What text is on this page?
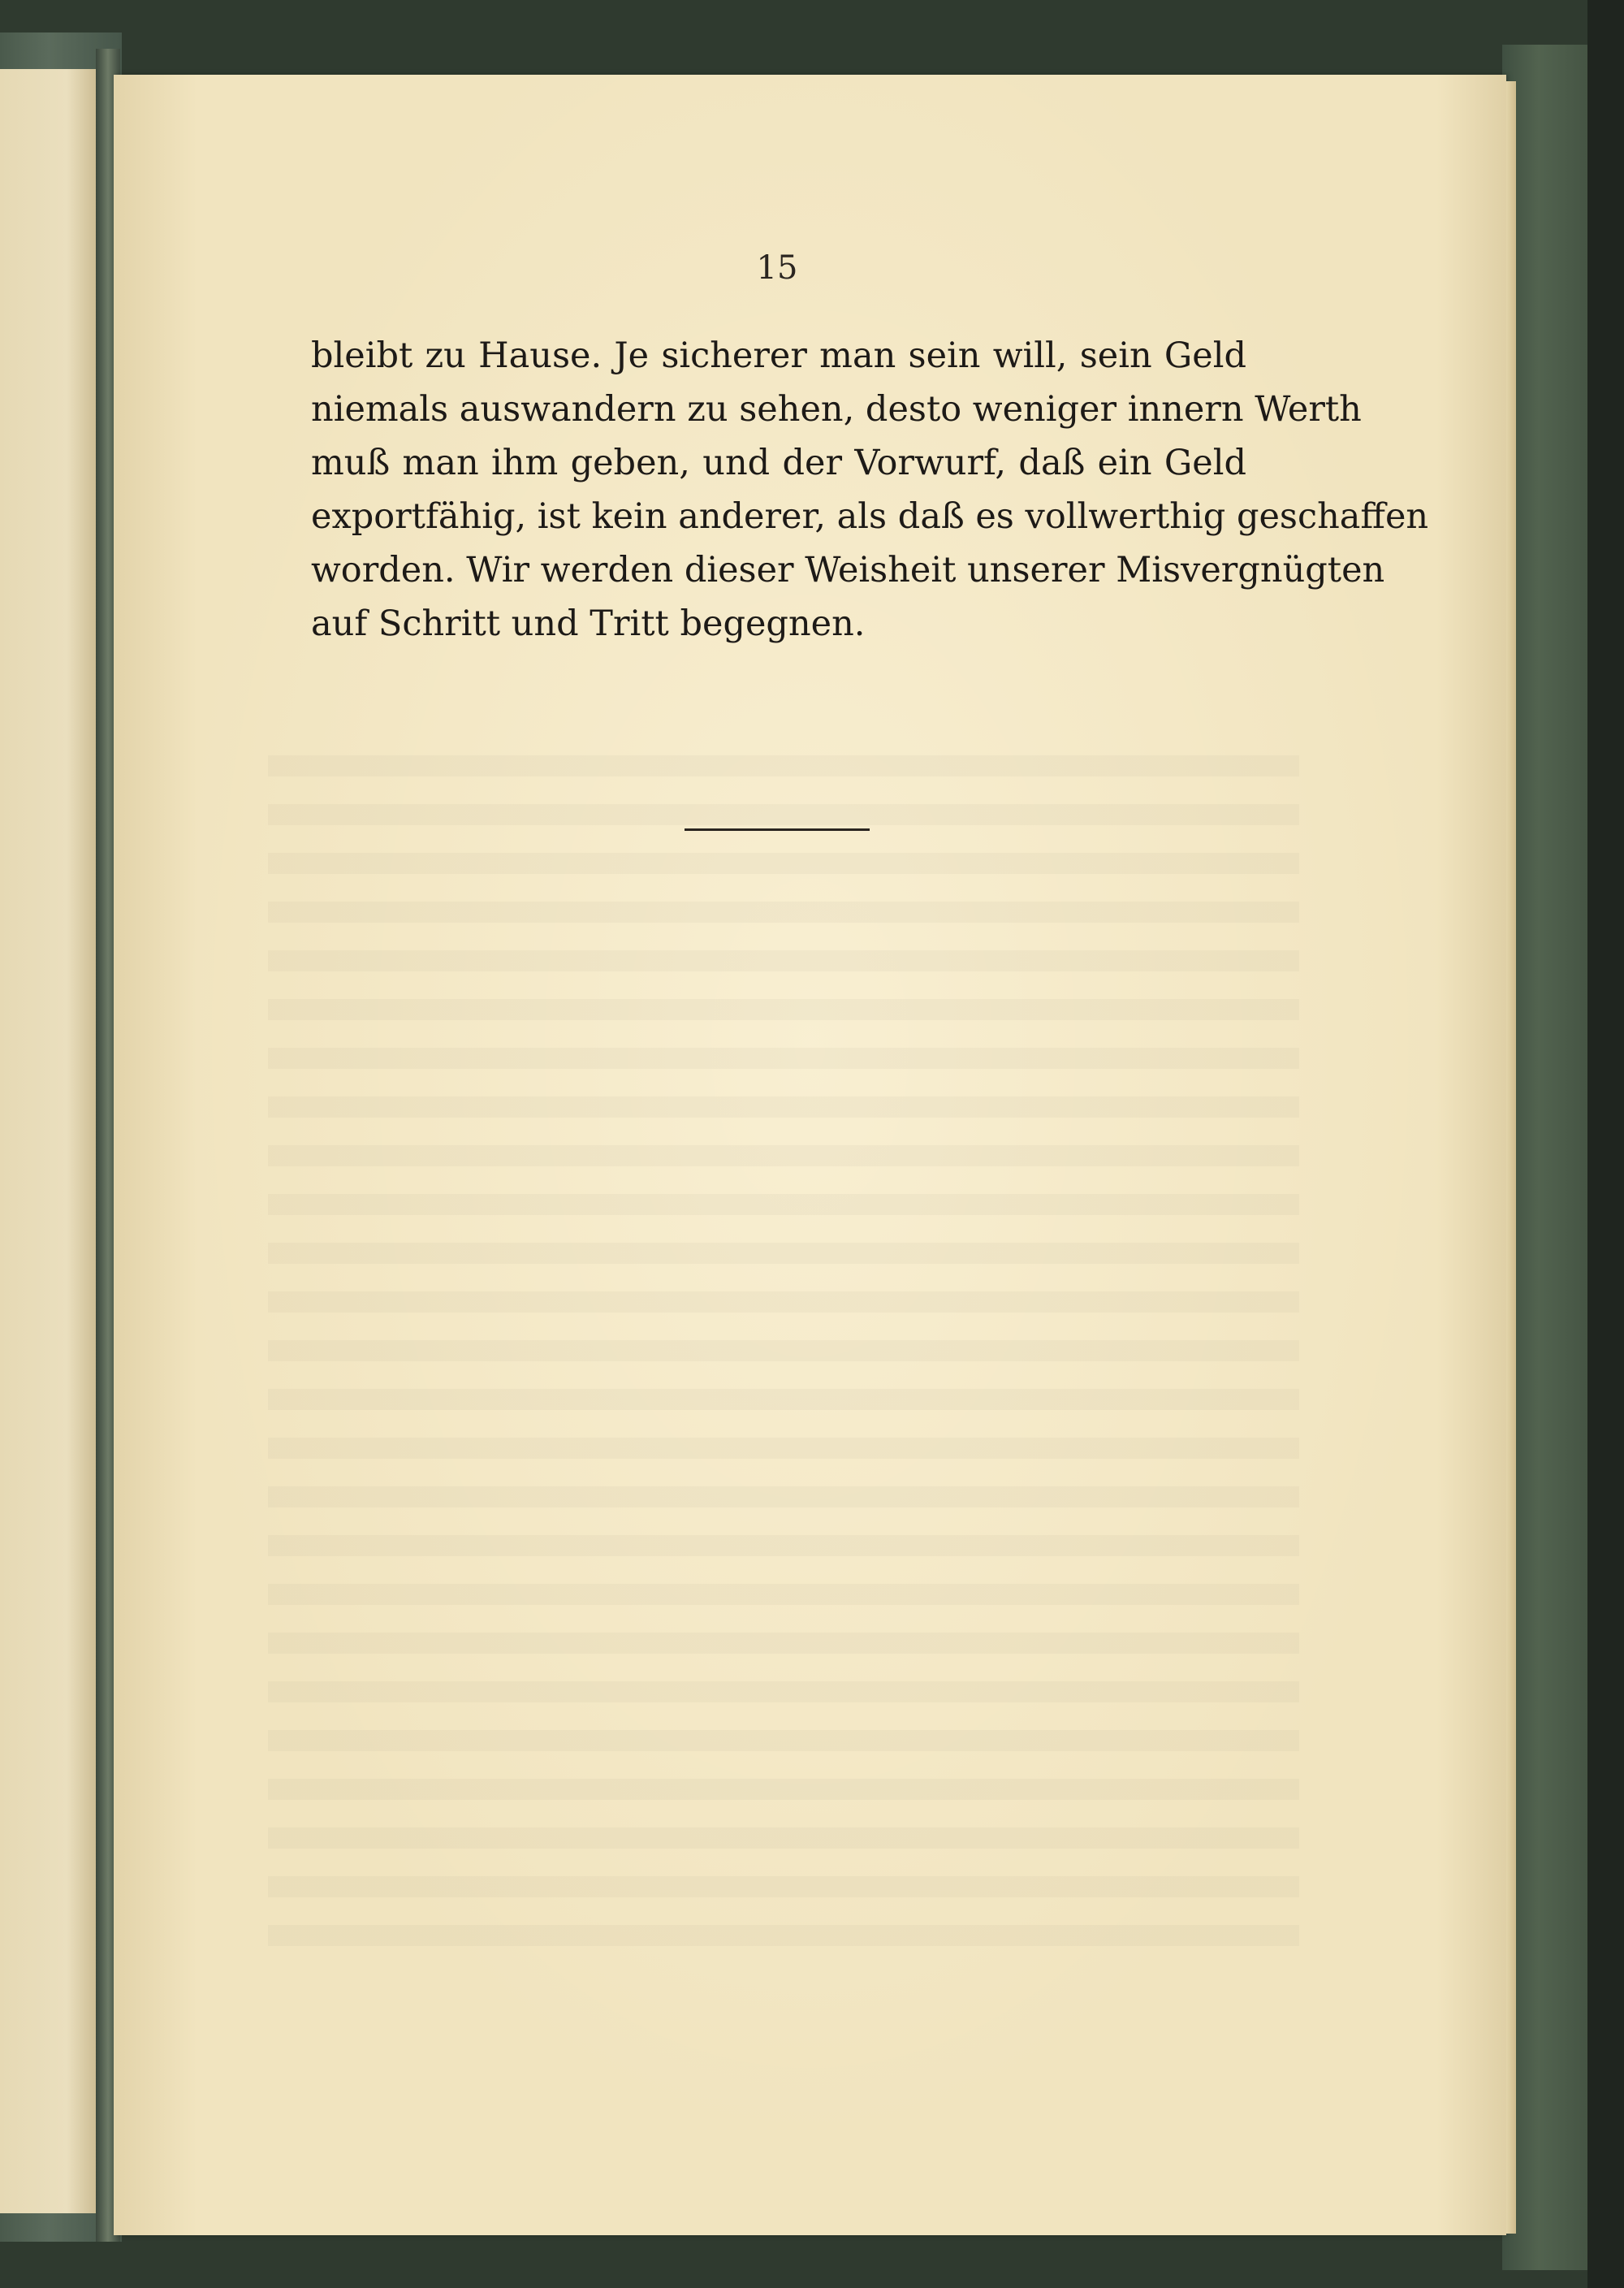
15
bleibt zu Hause. Je sicherer man sein will, sein Geld
niemals auswandern zu sehen, desto weniger innern Werth
muß man ihm geben, und der Vorwurf, daß ein Geld
exportfähig, ist kein anderer, als daß es vollwerthig geschaffen
worden. Wir werden dieser Weisheit unserer Misvergnügten
auf Schritt und Tritt begegnen.
